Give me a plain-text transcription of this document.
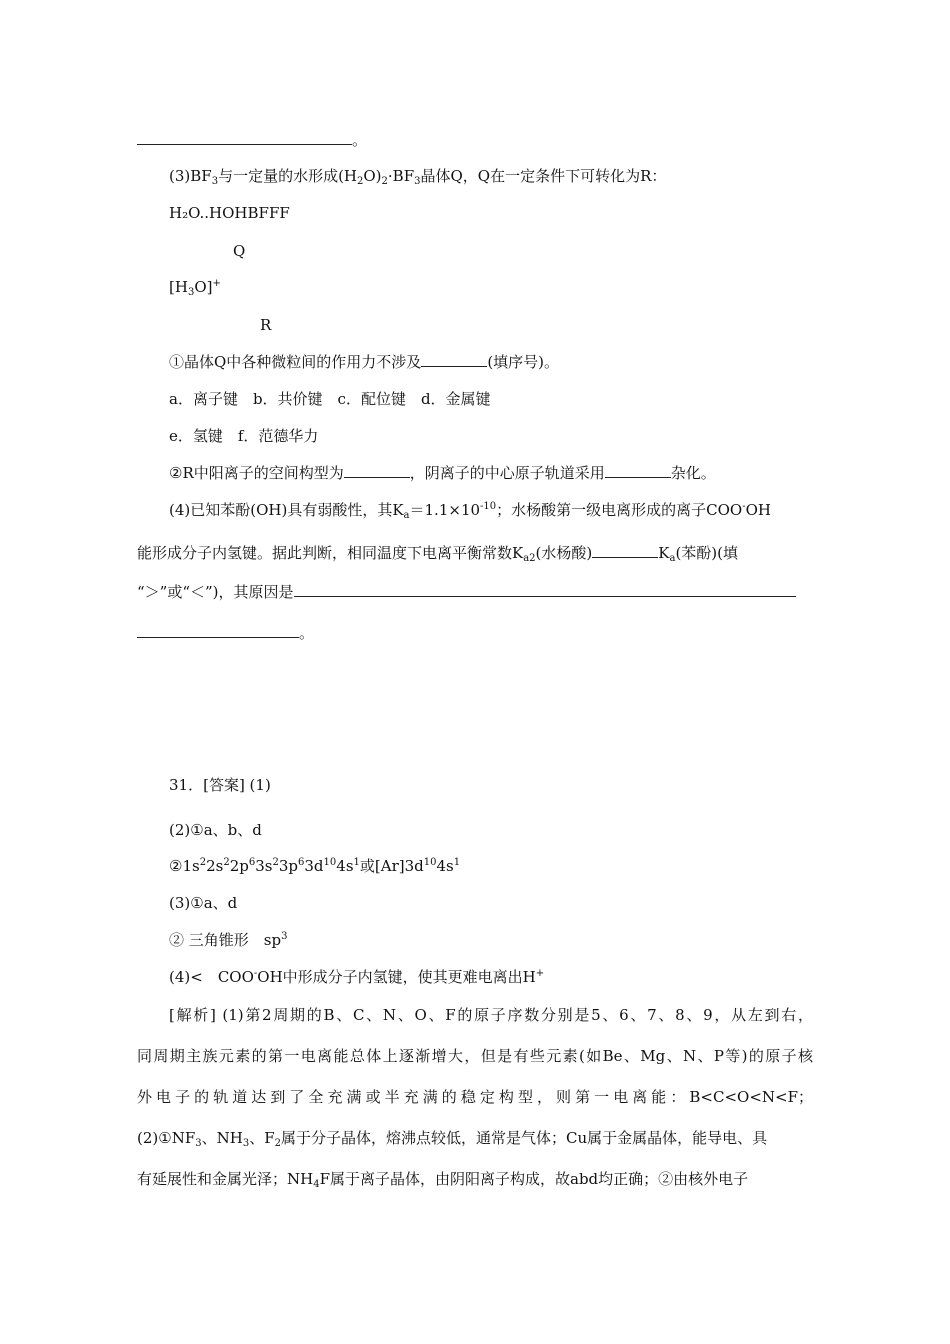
。
$(3)BF_3$与一定量的水形成$(H_2O)_2\cdot BF_3$晶体Q，Q在一定条件下可转化为R：
H₂O..HOHBFFF
Q
$[H_3O]^+$
R
①晶体Q中各种微粒间的作用力不涉及	(填序号)。
a．离子键　b．共价键　c．配位键　d．金属键
e．氢键　f．范德华力
②R中阳离子的空间构型为	，阴离子的中心原子轨道采用	杂化。
(4)已知苯酚(OH)具有弱酸性，其$K_a=1.1\times 10^{-10}$；水杨酸第一级电离形成的离子COO-OH
能形成分子内氢键。据此判断，相同温度下电离平衡常数$K_{a2}$(水杨酸)	$K_a$(苯酚)(填
“＞”或“＜”)，其原因是
。
31．[答案] (1)
(2)①a、b、d
$②1s^22s^22p^63s^23p^63d^{10}4s^1$或$[Ar]3d^{10}4s^1$
(3)①a、d
② 三角锥形　$sp^3$
(4)<　COO-OH中形成分子内氢键，使其更难电离出H+
[解析] (1)第2周期的B、C、N、O、F的原子序数分别是5、6、7、8、9，从左到右，
同周期主族元素的第一电离能总体上逐渐增大，但是有些元素(如Be、Mg、N、P等)的原子核
外电子的轨道达到了全充满或半充满的稳定构型，则第一电离能：B<C<O<N<F；
$(2)①NF_3$、$NH_3$、$F_2$属于分子晶体，熔沸点较低，通常是气体；Cu属于金属晶体，能导电、具
有延展性和金属光泽；$NH_4F$属于离子晶体，由阴阳离子构成，故abd均正确；②由核外电子
